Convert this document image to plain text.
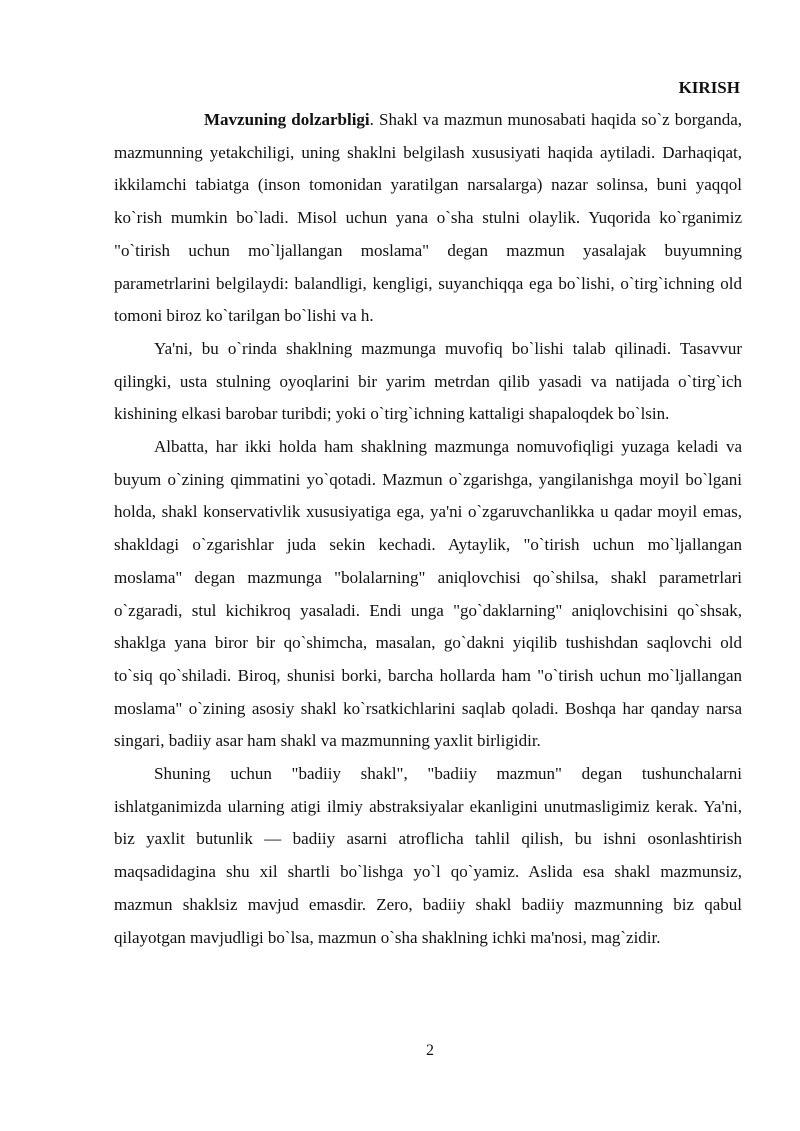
KIRISH

Mavzuning dolzarbligi. Shakl va mazmun munosabati haqida so`z borganda, mazmunning yetakchiligi, uning shaklni belgilash xususiyati haqida aytiladi. Darhaqiqat, ikkilamchi tabiatga (inson tomonidan yaratilgan narsalarga) nazar solinsa, buni yaqqol ko`rish mumkin bo`ladi. Misol uchun yana o`sha stulni olaylik. Yuqorida ko`rganimiz "o`tirish uchun mo`ljallangan moslama" degan mazmun yasalajak buyumning parametrlarini belgilaydi: balandligi, kengligi, suyanchiqqa ega bo`lishi, o`tirg`ichning old tomoni biroz ko`tarilgan bo`lishi va h.

Ya'ni, bu o`rinda shaklning mazmunga muvofiq bo`lishi talab qilinadi. Tasavvur qilingki, usta stulning oyoqlarini bir yarim metrdan qilib yasadi va natijada o`tirg`ich kishining elkasi barobar turibdi; yoki o`tirg`ichning kattaligi shapaloqdek bo`lsin.

Albatta, har ikki holda ham shaklning mazmunga nomuvofiqligi yuzaga keladi va buyum o`zining qimmatini yo`qotadi. Mazmun o`zgarishga, yangilanishga moyil bo`lgani holda, shakl konservativlik xususiyatiga ega, ya'ni o`zgaruvchanlikka u qadar moyil emas, shakldagi o`zgarishlar juda sekin kechadi. Aytaylik, "o`tirish uchun mo`ljallangan moslama" degan mazmunga "bolalarning" aniqlovchisi qo`shilsa, shakl parametrlari o`zgaradi, stul kichikroq yasaladi. Endi unga "go`daklarning" aniqlovchisini qo`shsak, shaklga yana biror bir qo`shimcha, masalan, go`dakni yiqilib tushishdan saqlovchi old to`siq qo`shiladi. Biroq, shunisi borki, barcha hollarda ham "o`tirish uchun mo`ljallangan moslama" o`zining asosiy shakl ko`rsatkichlarini saqlab qoladi. Boshqa har qanday narsa singari, badiiy asar ham shakl va mazmunning yaxlit birligidir.

Shuning uchun "badiiy shakl", "badiiy mazmun" degan tushunchalarni ishlatganimizda ularning atigi ilmiy abstraksiyalar ekanligini unutmasligimiz kerak. Ya'ni, biz yaxlit butunlik — badiiy asarni atroflicha tahlil qilish, bu ishni osonlashtirish maqsadidagina shu xil shartli bo`lishga yo`l qo`yamiz. Aslida esa shakl mazmunsiz, mazmun shaklsiz mavjud emasdir. Zero, badiiy shakl badiiy mazmunning biz qabul qilayotgan mavjudligi bo`lsa, mazmun o`sha shaklning ichki ma'nosi, mag`zidir.

2
